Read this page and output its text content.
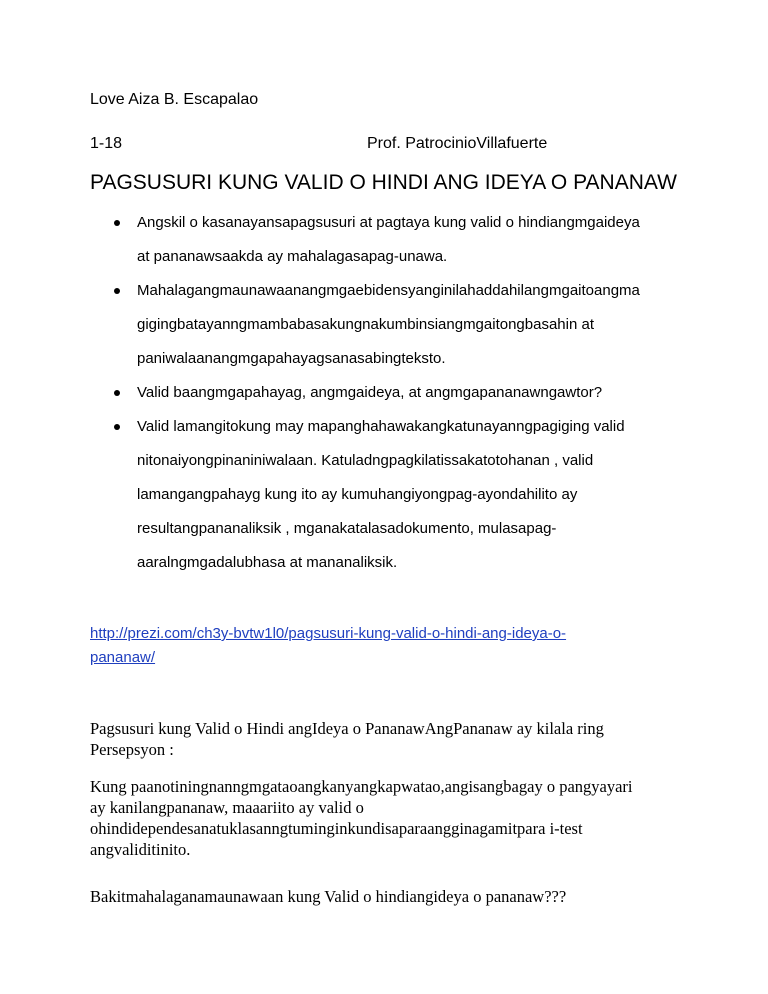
Love Aiza B. Escapalao
1-18	Prof. PatrocinioVillafuerte
PAGSUSURI KUNG VALID O HINDI ANG IDEYA O PANANAW
Angskil o kasanayansapagsusuri at pagtaya kung valid o hindiangmgaideya
at pananawsaakda ay mahalagasapag-unawa.
Mahalagangmaunawaanangmgaebidensyanginilahaddahilangmgaitoangma
gigingbatayanngmambabasakungnakumbinsiangmgaitongbasahin at
paniwalaanangmgapahayagsanasabingteksto.
Valid baangmgapahayag, angmgaideya, at angmgapananawngawtor?
Valid lamangitokung may mapanghahawakangkatunayanngpagiging valid
nitonaiyongpinaniniwalaan. Katuladngpagkilatissakatotohanan , valid
lamangangpahayg kung ito ay kumuhangiyongpag-ayondahilito ay
resultangpananaliksik , mganakatalasadokumento, mulasapag-
aaralngmgadalubhasa at mananaliksik.
http://prezi.com/ch3y-bvtw1l0/pagsusuri-kung-valid-o-hindi-ang-ideya-o-
pananaw/
Pagsusuri kung Valid o Hindi angIdeya o PananawAngPananaw ay kilala ring
Persepsyon :
Kung paanotiningnanngmgataoangkanyangkapwatao,angisangbagay o pangyayari
ay kanilangpananaw, maaariito ay valid o
ohindidependesanatuklasanngtuminginkundisaparaangginagamitpara i-test
angvaliditinito.
Bakitmahalaganamaunawaan kung Valid o hindiangideya o pananaw???
